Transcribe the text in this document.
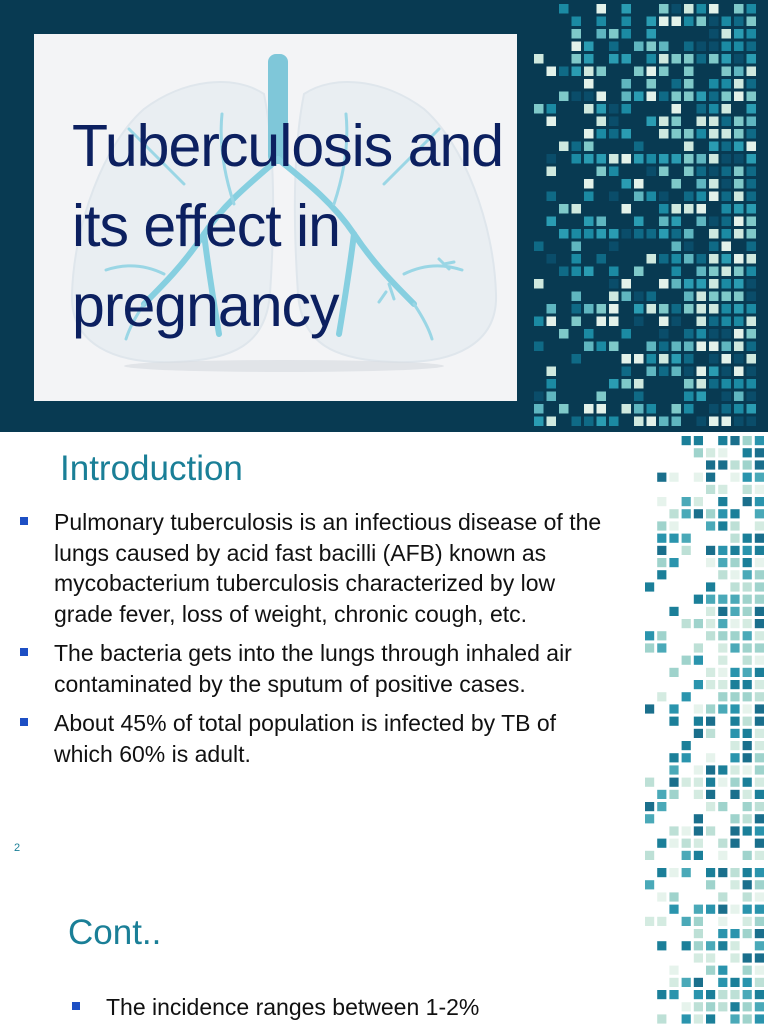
Tuberculosis and its effect in pregnancy
Introduction
Pulmonary tuberculosis is an infectious disease of the lungs caused by acid fast bacilli (AFB) known as mycobacterium tuberculosis characterized by low grade fever, loss of weight, chronic cough, etc.
The bacteria gets into the lungs through inhaled air contaminated by the sputum of positive cases.
About 45% of total population is infected by TB of which 60% is adult.
2
Cont..
The incidence ranges between 1-2%
